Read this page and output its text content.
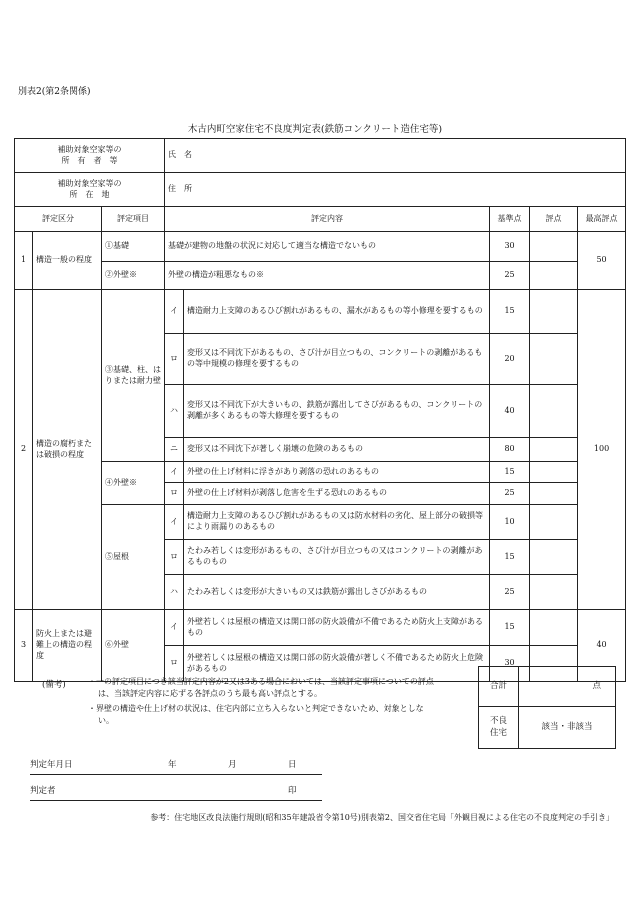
別表2(第2条関係)
木古内町空家住宅不良度判定表(鉄筋コンクリート造住宅等)
補助対象空家等の
所　有　者　等			氏　名				
補助対象空家等の
所　在　地			住　所				
評定区分		評定項目	評定内容		基準点	評点	最高評点
1	構造一般の程度	①基礎	基礎が建物の地盤の状況に対応して適当な構造でないもの		30		50
		②外壁※	外壁の構造が粗悪なもの※		25		
2	構造の腐朽または破損の程度	③基礎、柱、はりまたは耐力壁	イ	構造耐力上支障のあるひび割れがあるもの、漏水があるもの等小修理を要するもの	15		100
			ロ	変形又は不同沈下があるもの、さび汁が目立つもの、コンクリートの剥離があるもの等中規模の修理を要するもの	20		
			ハ	変形又は不同沈下が大きいもの、鉄筋が露出してさびがあるもの、コンクリートの剥離が多くあるもの等大修理を要するもの	40		
			ニ	変形又は不同沈下が著しく崩壊の危険のあるもの	80		
		④外壁※	イ	外壁の仕上げ材料に浮きがあり剥落の恐れのあるもの	15		
			ロ	外壁の仕上げ材料が剥落し危害を生ずる恐れのあるもの	25		
		⑤屋根	イ	構造耐力上支障のあるひび割れがあるもの又は防水材料の劣化、屋上部分の破損等により雨漏りのあるもの	10		
			ロ	たわみ若しくは変形があるもの、さび汁が目立つもの又はコンクリートの剥離があるものもの	15		
			ハ	たわみ若しくは変形が大きいもの又は鉄筋が露出しさびがあるもの	25		
3	防火上または避難上の構造の程度	⑥外壁	イ	外壁若しくは屋根の構造又は開口部の防火設備が不備であるため防火上支障があるもの	15		40
			ロ	外壁若しくは屋根の構造又は開口部の防火設備が著しく不備であるため防火上危険があるもの	30		
(備考)	・一の評定項目につき該当評定内容が2又は3ある場合においては、当該評定事項についての評点は、当該評定内容に応ずる各評点のうち最も高い評点とする。

・界壁の構造や仕上げ材の状況は、住宅内部に立ち入らないと判定できないため、対象としない。

合計	点
不良
住宅	該当・非該当
判定年月日	年	月	日
判定者	印
参考：住宅地区改良法施行規則(昭和35年建設省令第10号)別表第2、国交省住宅局「外観目視による住宅の不良度判定の手引き」
